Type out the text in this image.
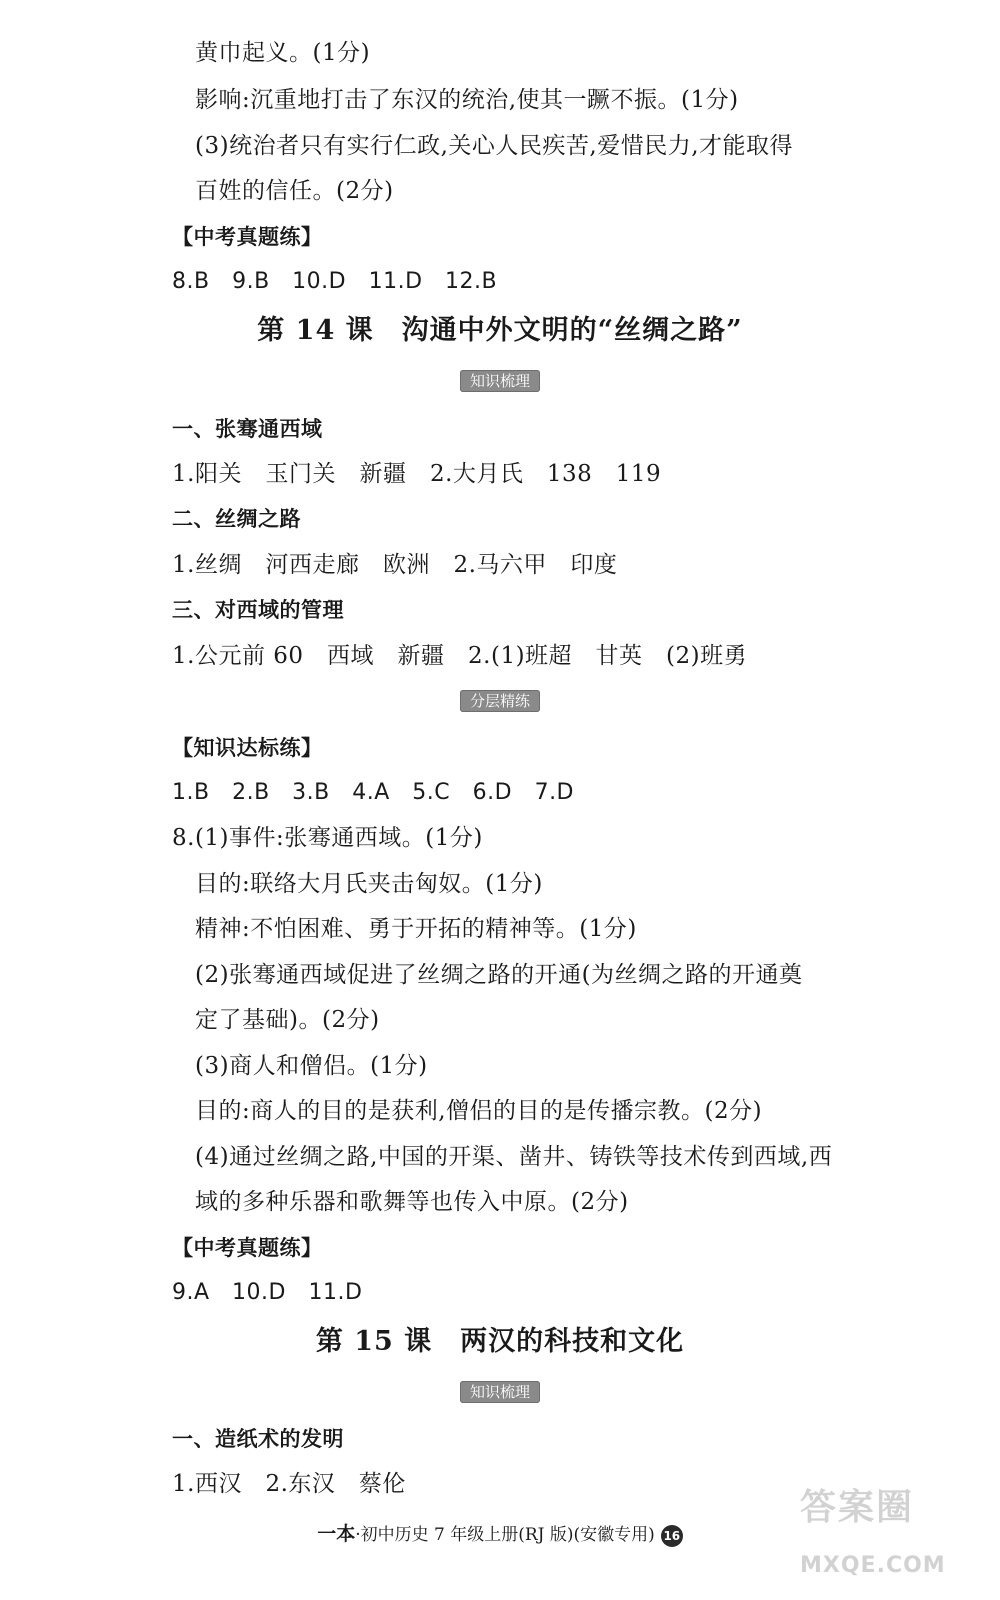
黄巾起义。(1分)
影响:沉重地打击了东汉的统治,使其一蹶不振。(1分)
(3)统治者只有实行仁政,关心人民疾苦,爱惜民力,才能取得
百姓的信任。(2分)
【中考真题练】
8.B　9.B　10.D　11.D　12.B
第 14 课　沟通中外文明的“丝绸之路”
知识梳理
一、张骞通西域
1.阳关　玉门关　新疆　2.大月氏　138　119
二、丝绸之路
1.丝绸　河西走廊　欧洲　2.马六甲　印度
三、对西域的管理
1.公元前 60　西域　新疆　2.(1)班超　甘英　(2)班勇
分层精练
【知识达标练】
1.B　2.B　3.B　4.A　5.C　6.D　7.D
8.(1)事件:张骞通西域。(1分)
目的:联络大月氏夹击匈奴。(1分)
精神:不怕困难、勇于开拓的精神等。(1分)
(2)张骞通西域促进了丝绸之路的开通(为丝绸之路的开通奠
定了基础)。(2分)
(3)商人和僧侣。(1分)
目的:商人的目的是获利,僧侣的目的是传播宗教。(2分)
(4)通过丝绸之路,中国的开渠、凿井、铸铁等技术传到西域,西
域的多种乐器和歌舞等也传入中原。(2分)
【中考真题练】
9.A　10.D　11.D
第 15 课　两汉的科技和文化
知识梳理
一、造纸术的发明
1.西汉　2.东汉　蔡伦
一本·初中历史 7 年级上册(RJ 版)(安徽专用) 16
答案圈
MXQE.COM
